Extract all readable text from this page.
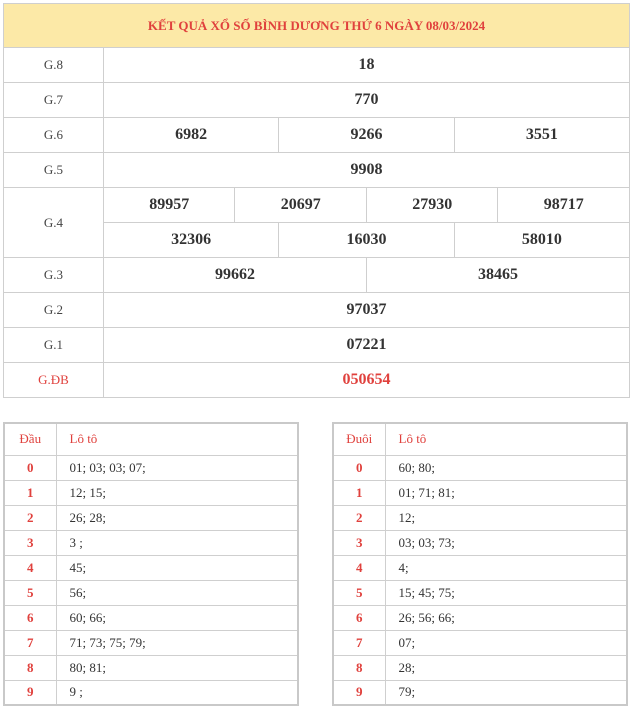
KẾT QUẢ XỔ SỐ BÌNH DƯƠNG THỨ 6 NGÀY 08/03/2024						
G.8	18					
G.7	770					
G.6	6982		9266		3551	
G.5	9908					
G.4	89957	20697		27930		98717
	32306		16030		58010	
G.3	99662			38465		
G.2	97037					
G.1	07221					
G.ĐB	050654					
Đầu	Lô tô
0	01; 03; 03; 07;
1	12; 15;
2	26; 28;
3	3 ;
4	45;
5	56;
6	60; 66;
7	71; 73; 75; 79;
8	80; 81;
9	9 ;
Đuôi	Lô tô
0	60; 80;
1	01; 71; 81;
2	12;
3	03; 03; 73;
4	4;
5	15; 45; 75;
6	26; 56; 66;
7	07;
8	28;
9	79;
